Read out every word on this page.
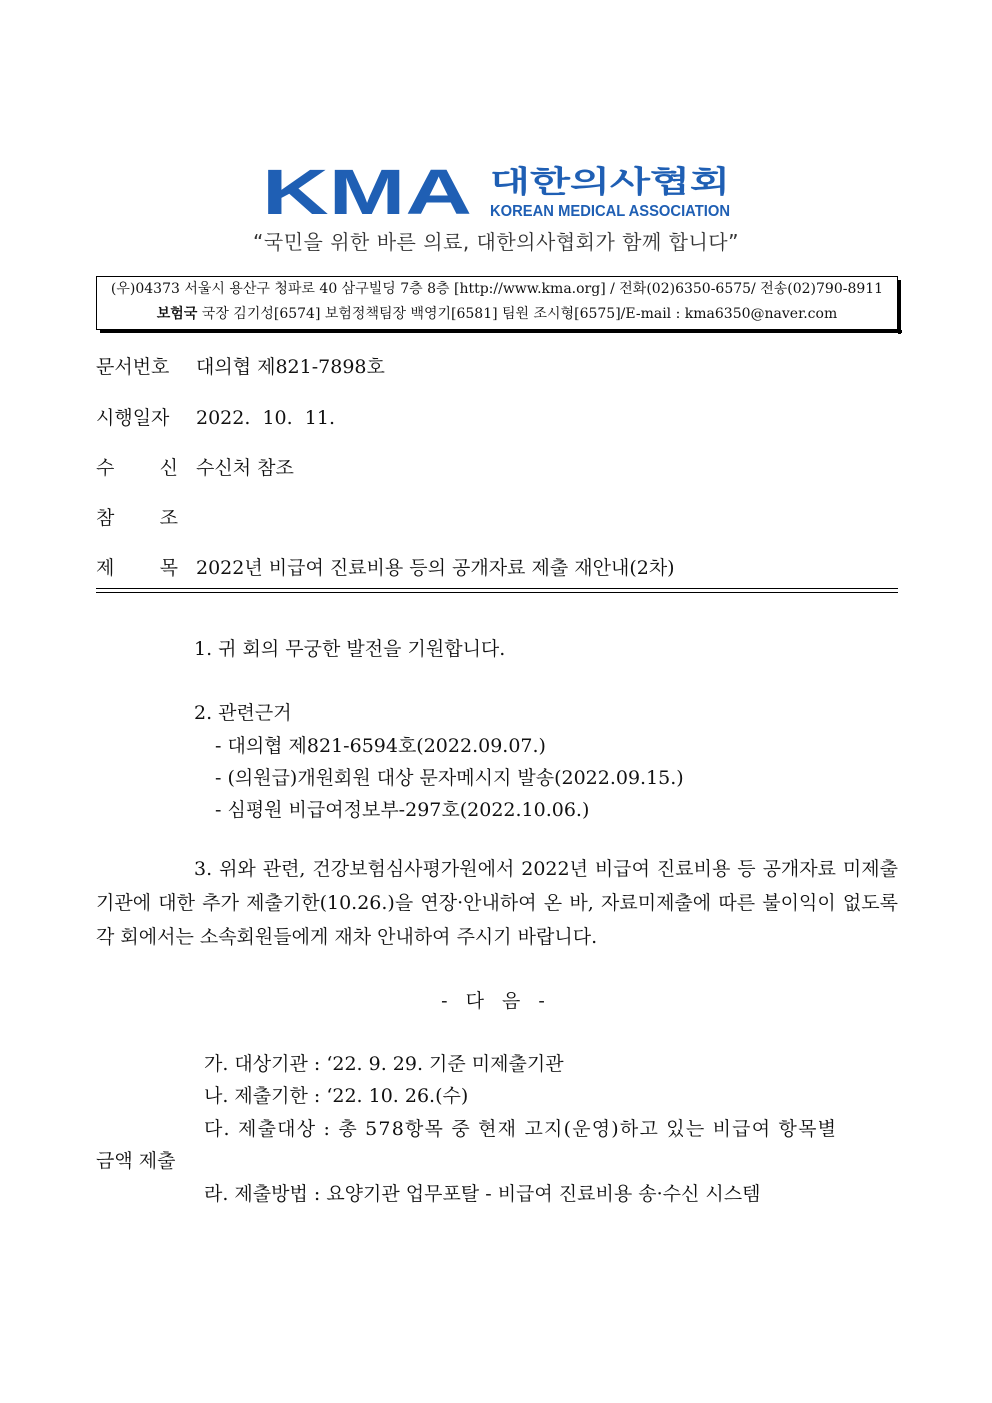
KMA 대한의사협회
KOREAN MEDICAL ASSOCIATION
“국민을 위한 바른 의료, 대한의사협회가 함께 합니다”
(우)04373 서울시 용산구 청파로 40 삼구빌딩 7층 8층 [http://www.kma.org] / 전화(02)6350-6575/ 전송(02)790-8911
보험국 국장 김기성[6574] 보험정책팀장 백영기[6581] 팀원 조시형[6575]/E-mail : kma6350@naver.com
문서번호 대의협 제821-7898호
시행일자 2022.  10.  11.
수 신 수신처 참조
참 조
제 목 2022년 비급여 진료비용 등의 공개자료 제출 재안내(2차)
1. 귀 회의 무궁한 발전을 기원합니다.
2. 관련근거
- 대의협 제821-6594호(2022.09.07.)
- (의원급)개원회원 대상 문자메시지 발송(2022.09.15.)
- 심평원 비급여정보부-297호(2022.10.06.)
3. 위와 관련, 건강보험심사평가원에서 2022년 비급여 진료비용 등 공개자료 미제출 기관에 대한 추가 제출기한(10.26.)을 연장·안내하여 온 바, 자료미제출에 따른 불이익이 없도록 각 회에서는 소속회원들에게 재차 안내하여 주시기 바랍니다.
- 다 음 -
가. 대상기관 : ‘22. 9. 29. 기준 미제출기관
나. 제출기한 : ‘22. 10. 26.(수)
다. 제출대상 : 총 578항목 중 현재 고지(운영)하고 있는 비급여 항목별
금액 제출
라. 제출방법 : 요양기관 업무포탈 - 비급여 진료비용 송·수신 시스템
